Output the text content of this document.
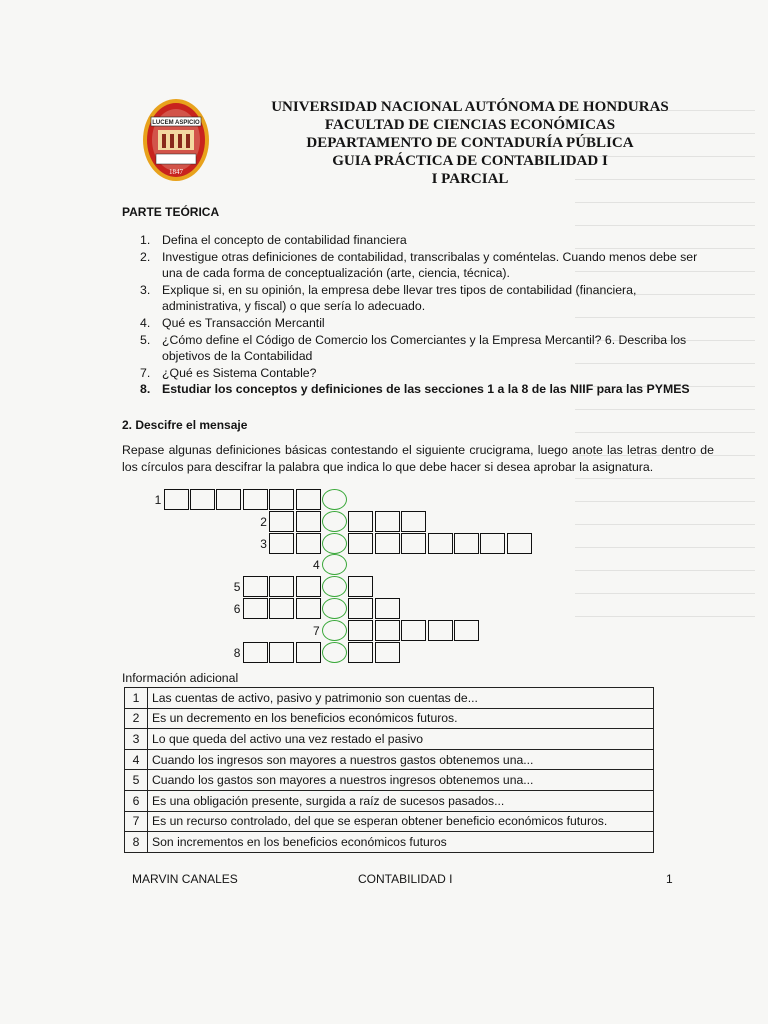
LUCEM ASPICIO
1847
UNIVERSIDAD NACIONAL AUTÓNOMA DE HONDURAS
FACULTAD DE CIENCIAS ECONÓMICAS
DEPARTAMENTO DE CONTADURÍA PÚBLICA
GUIA PRÁCTICA DE CONTABILIDAD I
I PARCIAL
PARTE TEÓRICA
1. Defina el concepto de contabilidad financiera
2. Investigue otras definiciones de contabilidad, transcribalas y coméntelas. Cuando menos debe ser una de cada forma de conceptualización (arte, ciencia, técnica).
3. Explique si, en su opinión, la empresa debe llevar tres tipos de contabilidad (financiera, administrativa, y fiscal) o que sería lo adecuado.
4. Qué es Transacción Mercantil
5. ¿Cómo define el Código de Comercio los Comerciantes y la Empresa Mercantil? 6. Describa los objetivos de la Contabilidad
7. ¿Qué es Sistema Contable?
8. Estudiar los conceptos y definiciones de las secciones 1 a la 8 de las NIIF para las PYMES
2. Descifre el mensaje
Repase algunas definiciones básicas contestando el siguiente crucigrama, luego anote las letras dentro de los círculos para descifrar la palabra que indica lo que debe hacer si desea aprobar la asignatura.
1
2
3
4
5
6
7
8
Información adicional
1	Las cuentas de activo, pasivo y patrimonio son cuentas de...
2	Es un decremento en los beneficios económicos futuros.
3	Lo que queda del activo una vez restado el pasivo
4	Cuando los ingresos son mayores a nuestros gastos obtenemos una...
5	Cuando los gastos son mayores a nuestros ingresos obtenemos una...
6	Es una obligación presente, surgida a raíz de sucesos pasados...
7	Es un recurso controlado, del que se esperan obtener beneficio económicos futuros.
8	Son incrementos en los beneficios económicos futuros
MARVIN CANALES	CONTABILIDAD I	1
